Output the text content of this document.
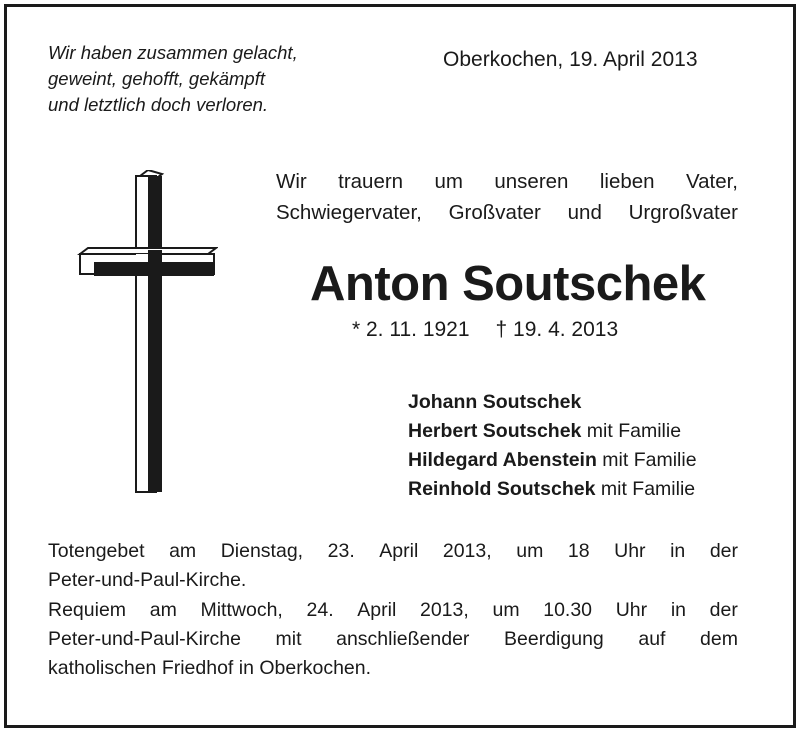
Wir haben zusammen gelacht,
geweint, gehofft, gekämpft
und letztlich doch verloren.
Oberkochen, 19. April 2013
Wir trauern um unseren lieben Vater,
Schwiegervater, Großvater und Urgroßvater
Anton Soutschek
* 2. 11. 1921 † 19. 4. 2013
Johann Soutschek
Herbert Soutschek mit Familie
Hildegard Abenstein mit Familie
Reinhold Soutschek mit Familie
Totengebet am Dienstag, 23. April 2013, um 18 Uhr in der
Peter-und-Paul-Kirche.
Requiem am Mittwoch, 24. April 2013, um 10.30 Uhr in der
Peter-und-Paul-Kirche mit anschließender Beerdigung auf dem
katholischen Friedhof in Oberkochen.
